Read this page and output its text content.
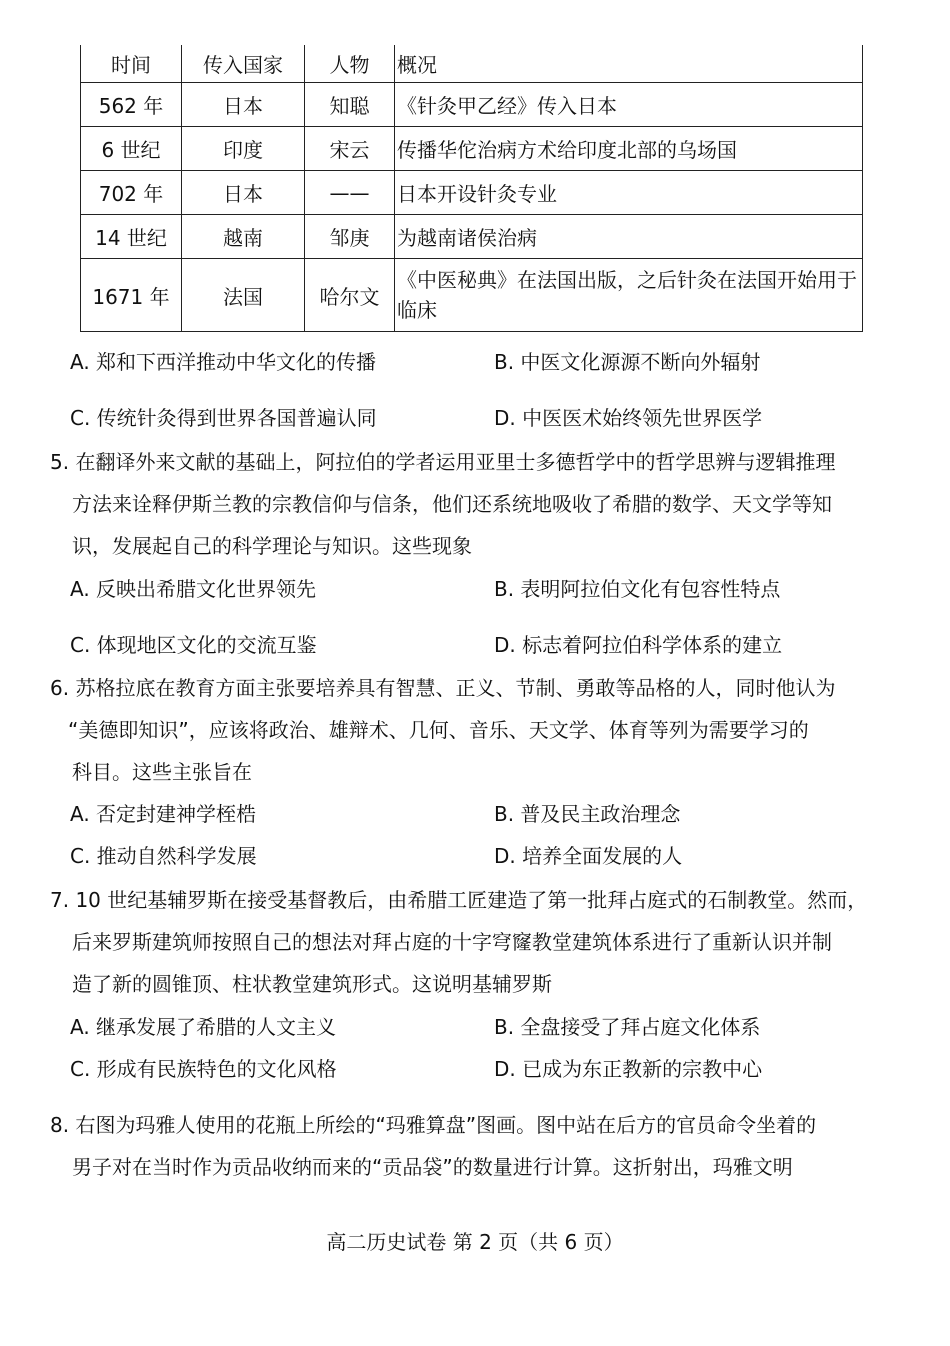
时间	传入国家	人物	概况
562 年	日本	知聪	《针灸甲乙经》传入日本
6 世纪	印度	宋云	传播华佗治病方术给印度北部的乌场国
702 年	日本	——	日本开设针灸专业
14 世纪	越南	邹庚	为越南诸侯治病
1671 年	法国	哈尔文	《中医秘典》在法国出版，之后针灸在法国开始用于临床
A. 郑和下西洋推动中华文化的传播	B. 中医文化源源不断向外辐射
C. 传统针灸得到世界各国普遍认同	D. 中医医术始终领先世界医学
5. 在翻译外来文献的基础上，阿拉伯的学者运用亚里士多德哲学中的哲学思辨与逻辑推理
方法来诠释伊斯兰教的宗教信仰与信条，他们还系统地吸收了希腊的数学、天文学等知
识，发展起自己的科学理论与知识。这些现象
A. 反映出希腊文化世界领先	B. 表明阿拉伯文化有包容性特点
C. 体现地区文化的交流互鉴	D. 标志着阿拉伯科学体系的建立
6. 苏格拉底在教育方面主张要培养具有智慧、正义、节制、勇敢等品格的人，同时他认为
“美德即知识”，应该将政治、雄辩术、几何、音乐、天文学、体育等列为需要学习的
科目。这些主张旨在
A. 否定封建神学桎梏	B. 普及民主政治理念
C. 推动自然科学发展	D. 培养全面发展的人
7. 10 世纪基辅罗斯在接受基督教后，由希腊工匠建造了第一批拜占庭式的石制教堂。然而，
后来罗斯建筑师按照自己的想法对拜占庭的十字穹窿教堂建筑体系进行了重新认识并制
造了新的圆锥顶、柱状教堂建筑形式。这说明基辅罗斯
A. 继承发展了希腊的人文主义	B. 全盘接受了拜占庭文化体系
C. 形成有民族特色的文化风格	D. 已成为东正教新的宗教中心
8. 右图为玛雅人使用的花瓶上所绘的“玛雅算盘”图画。图中站在后方的官员命令坐着的
男子对在当时作为贡品收纳而来的“贡品袋”的数量进行计算。这折射出，玛雅文明
高二历史试卷 第 2 页（共 6 页）
